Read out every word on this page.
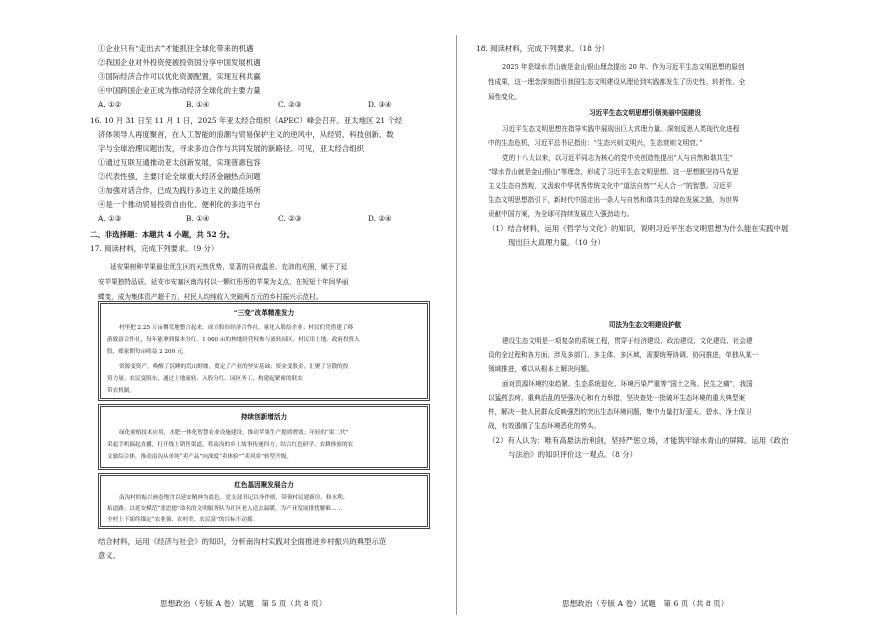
①企业只有“走出去”才能抓住全球化带来的机遇
②我国企业对外投资使被投资国分享中国发展机遇
③国际经济合作可以优化资源配置，实现互利共赢
④中国跨国企业正成为推动经济全球化的主要力量
A. ①②	B. ①④	C. ②③	D. ③④
16. 10 月 31 日至 11 月 1 日，2025 年亚太经合组织（APEC）峰会召开。亚太地区 21 个经
济体领导人再度聚首，在人工智能的浪潮与贸易保护主义的逆风中，从经贸、科技创新、数
字与全球治理议题出发，寻求多边合作与共同发展的新路径。可见，亚太经合组织
①通过互联互通推动亚太创新发展，实现普惠包容
②代表性强，主要讨论全球重大经济金融热点问题
③加强对话合作，已成为践行多边主义的最佳场所
④是一个推动贸易投资自由化、便利化的多边平台
A. ①③	B. ①④	C. ②③	D. ②④
二、非选择题：本题共 4 小题，共 52 分。
17. 阅读材料，完成下列要求。（9 分）
延安果树种苹果最佳优生区的天然优势，显著的昼夜温差、充沛的光照，赋予了延
安苹果独特品质。延安市安塞区南沟村以一颗红彤彤的苹果为支点，在短短十年间华丽
蝶变，成为集体资产超千万，村民人均纯收入突破两万元的乡村振兴示范村。
“三变”改革精准发力
村里把 2.25 万亩撂荒地整合起来，成立股份经济合作社，量化入股给企业；村民们凭借建了移
游致富合作社，每年能拿到保本分红。1 060 亩的林地经营权参与流转园区，村民用土地，政府投资入
股，账家期每亩收益 2 200 元。
资源变资产，唤醒了沉睡的荒山野坡，奠定了产业的坚实基础；资金变股金，汇聚了分散的投
资力量；农民变股东，通过土地流转、入股分红、园区务工，构建起紧密的联农
带农机制。
持续创新增活力
绿化密植技术应用，水肥一体化智慧农业设施建设，推动苹果生产提质增效；年轻的“果二代”
采起手机搞起直播，打开线上销售渠道，将南沟的乡土故事传递四方；结合红色研学、农耕体验的农
文旅综合体，推动南沟从单纯“卖产品”向深度“卖体验”“卖风景”转型升级。
红色基因聚发展合力
南沟村的振兴画卷饱含以延安精神为底色。党支部书记以身作则，带领村民建新房、修水利、
拓道路；以延安模范“张思德”命名的文明服务队为社区老人送去温暖，为产业发展排忧解难……
全村上下始终锚定“农业强、农村美、农民富”的目标不动摇。
结合材料，运用《经济与社会》的知识，分析南沟村实践对全面推进乡村振兴的典型示范
意义。
思想政治（专版 A 卷）试题　第 5 页（共 8 页）
18. 阅读材料，完成下列要求。（18 分）
2025 年是绿水青山就是金山银山理念提出 20 年。作为习近平生态文明思想的原创
性成果，这一理念深刻指引我国生态文明建设从理论到实践都发生了历史性、转折性、全
局性变化。
习近平生态文明思想引领美丽中国建设
习近平生态文明思想在指导实践中展现出巨大真理力量。深刻反思人类现代化进程
中的生态危机，习近平总书记指出：“生态兴则文明兴，生态衰则文明衰。”
党的十八大以来，以习近平同志为核心的党中央创造性提出“人与自然和谐共生”
“绿水青山就是金山银山”等理念，形成了习近平生态文明思想。这一思想既坚持马克思
主义生态自然观，又汲取中华优秀传统文化中“道法自然”“天人合一”的智慧。习近平
生态文明思想指引下，新时代中国走出一条人与自然和谐共生的绿色发展之路，为世界
贡献中国方案，为全球可持续发展注入强劲动力。
（1）结合材料，运用《哲学与文化》的知识，说明习近平生态文明思想为什么能在实践中展
现出巨大真理力量。（10 分）
司法为生态文明建设护航
建设生态文明是一项复杂的系统工程，贯穿于经济建设、政治建设、文化建设、社会建
设的全过程和各方面，涉及多部门、多主体、多区域，需要统筹协调、协同推进，单独从某一
领域推进，难以从根本上解决问题。
面对资源环境约束趋紧、生态系统退化、环境污染严重等“国土之殇、民生之痛”，我国
以猛药去疴、重典治乱的坚强决心和有力举措，坚决查处一批破坏生态环境的重大典型案
件，解决一批人民群众反映强烈的突出生态环境问题，集中力量打好蓝天、碧水、净土保卫
战，有效遏制了生态环境恶化的势头。
（2）有人认为：唯有高悬法治利剑，坚持严惩立场，才能筑牢绿水青山的屏障。运用《政治
与法治》的知识评价这一观点。（8 分）
思想政治（专版 A 卷）试题　第 6 页（共 8 页）
